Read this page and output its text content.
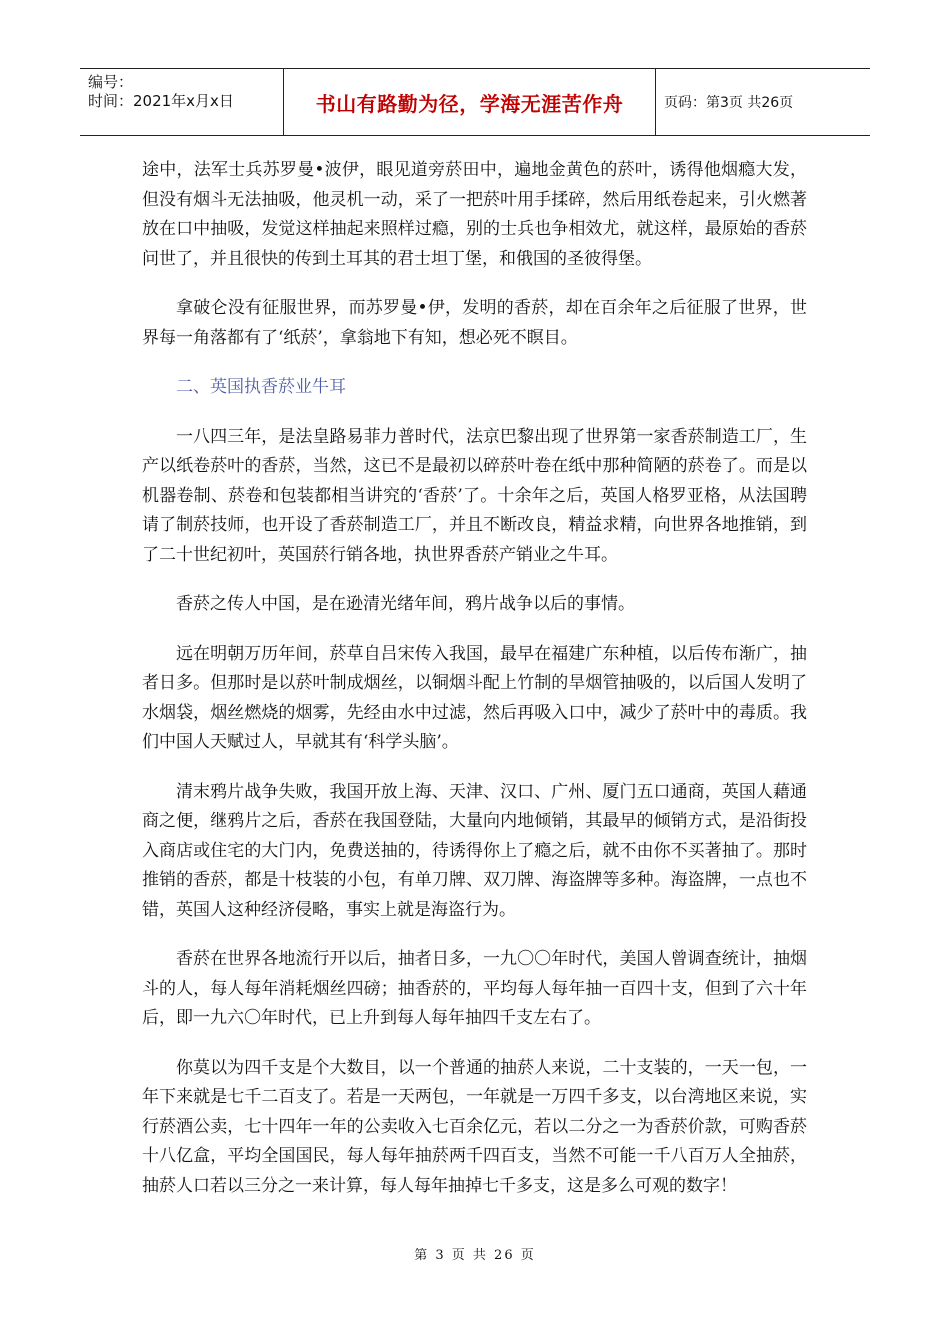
编号：
时间：2021年x月x日	书山有路勤为径，学海无涯苦作舟	页码：第3页 共26页

途中，法军士兵苏罗曼•波伊，眼见道旁菸田中，遍地金黄色的菸叶，诱得他烟瘾大发，但没有烟斗无法抽吸，他灵机一动，采了一把菸叶用手揉碎，然后用纸卷起来，引火燃著放在口中抽吸，发觉这样抽起来照样过瘾，别的士兵也争相效尤，就这样，最原始的香菸问世了，并且很快的传到土耳其的君士坦丁堡，和俄国的圣彼得堡。

拿破仑没有征服世界，而苏罗曼•伊，发明的香菸，却在百余年之后征服了世界，世界每一角落都有了‘纸菸’，拿翁地下有知，想必死不瞑目。

二、英国执香菸业牛耳

一八四三年，是法皇路易菲力普时代，法京巴黎出现了世界第一家香菸制造工厂，生产以纸卷菸叶的香菸，当然，这已不是最初以碎菸叶卷在纸中那种简陋的菸卷了。而是以机器卷制、菸卷和包装都相当讲究的‘香菸’了。十余年之后，英国人格罗亚格，从法国聘请了制菸技师，也开设了香菸制造工厂，并且不断改良，精益求精，向世界各地推销，到了二十世纪初叶，英国菸行销各地，执世界香菸产销业之牛耳。

香菸之传人中国，是在逊清光绪年间，鸦片战争以后的事情。

远在明朝万历年间，菸草自吕宋传入我国，最早在福建广东种植，以后传布渐广，抽者日多。但那时是以菸叶制成烟丝，以铜烟斗配上竹制的旱烟管抽吸的，以后国人发明了水烟袋，烟丝燃烧的烟雾，先经由水中过滤，然后再吸入口中，减少了菸叶中的毒质。我们中国人天赋过人，早就其有‘科学头脑’。

清末鸦片战争失败，我国开放上海、天津、汉口、广州、厦门五口通商，英国人藉通商之便，继鸦片之后，香菸在我国登陆，大量向内地倾销，其最早的倾销方式，是沿街投入商店或住宅的大门内，免费送抽的，待诱得你上了瘾之后，就不由你不买著抽了。那时推销的香菸，都是十枝装的小包，有单刀牌、双刀牌、海盗牌等多种。海盗牌，一点也不错，英国人这种经济侵略，事实上就是海盗行为。

香菸在世界各地流行开以后，抽者日多，一九〇〇年时代，美国人曾调查统计，抽烟斗的人，每人每年消耗烟丝四磅；抽香菸的，平均每人每年抽一百四十支，但到了六十年后，即一九六〇年时代，已上升到每人每年抽四千支左右了。

你莫以为四千支是个大数目，以一个普通的抽菸人来说，二十支装的，一天一包，一年下来就是七千二百支了。若是一天两包，一年就是一万四千多支，以台湾地区来说，实行菸酒公卖，七十四年一年的公卖收入七百余亿元，若以二分之一为香菸价款，可购香菸十八亿盒，平均全国国民，每人每年抽菸两千四百支，当然不可能一千八百万人全抽菸，抽菸人口若以三分之一来计算，每人每年抽掉七千多支，这是多么可观的数字！

第 3 页 共 26 页
